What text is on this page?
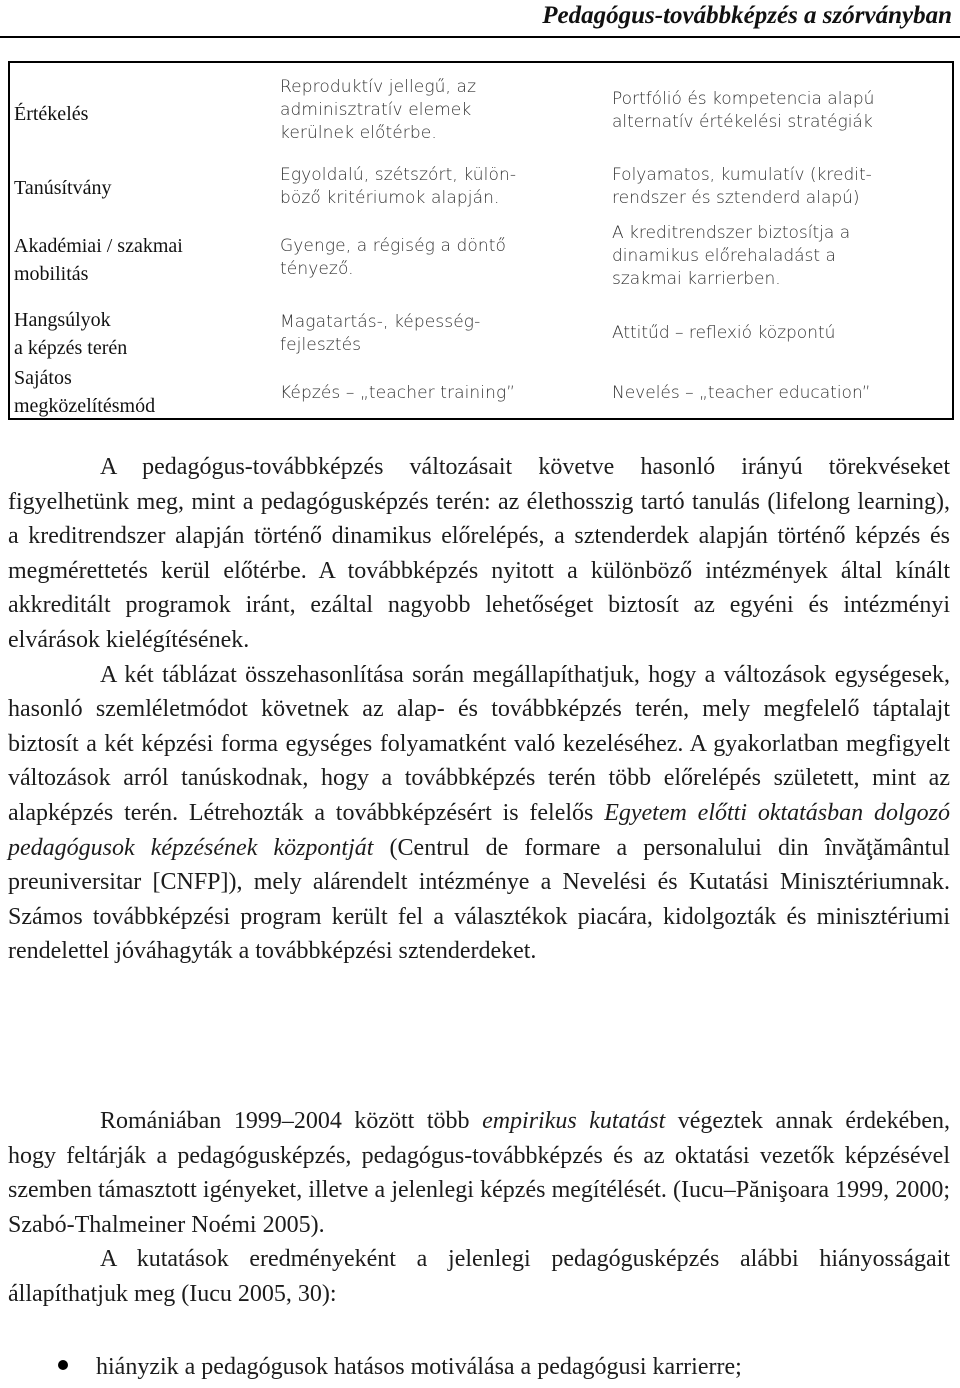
Pedagógus-továbbképzés a szórványban
Értékelés
Reproduktív jellegű, az
adminisztratív elemek
kerülnek előtérbe.
Portfólió és kompetencia alapú
alternatív értékelési stratégiák
Tanúsítvány
Egyoldalú, szétszórt, külön-
böző kritériumok alapján.
Folyamatos, kumulatív (kredit-
rendszer és sztenderd alapú)
Akadémiai / szakmai
mobilitás
Gyenge, a régiség a döntő
tényező.
A kreditrendszer biztosítja a
dinamikus előrehaladást a
szakmai karrierben.
Hangsúlyok
a képzés terén
Magatartás-, képesség-
fejlesztés
Attitűd – reflexió központú
Sajátos
megközelítésmód
Képzés – „teacher training”	Nevelés – „teacher education”

A pedagógus-továbbképzés változásait követve hasonló irányú törekvéseket figyelhetünk meg, mint a pedagógusképzés terén: az élethosszig tartó tanulás (lifelong learning), a kreditrendszer alapján történő dinamikus előrelépés, a sztenderdek alapján történő képzés és megmérettetés kerül előtérbe. A továbbképzés nyitott a különböző intézmények által kínált akkreditált programok iránt, ezáltal nagyobb lehetőséget biztosít az egyéni és intézményi elvárások kielégítésének.

A két táblázat összehasonlítása során megállapíthatjuk, hogy a változások egységesek, hasonló szemléletmódot követnek az alap- és továbbképzés terén, mely megfelelő táptalajt biztosít a két képzési forma egységes folyamatként való kezeléséhez. A gyakorlatban megfigyelt változások arról tanúskodnak, hogy a továbbképzés terén több előrelépés született, mint az alapképzés terén. Létrehozták a továbbképzésért is felelős Egyetem előtti oktatásban dolgozó pedagógusok képzésének központját (Centrul de formare a personalului din învăţământul preuniversitar [CNFP]), mely alárendelt intézménye a Nevelési és Kutatási Minisztériumnak. Számos továbbképzési program került fel a választékok piacára, kidolgozták és minisztériumi rendelettel jóváhagyták a továbbképzési sztenderdeket.

Romániában 1999–2004 között több empirikus kutatást végeztek annak érdekében, hogy feltárják a pedagógusképzés, pedagógus-továbbképzés és az oktatási vezetők képzésével szemben támasztott igényeket, illetve a jelenlegi képzés megítélését. (Iucu–Pănişoara 1999, 2000; Szabó-Thalmeiner Noémi 2005).

A kutatások eredményeként a jelenlegi pedagógusképzés alábbi hiányosságait állapíthatjuk meg (Iucu 2005, 30):

hiányzik a pedagógusok hatásos motiválása a pedagógusi karrierre;
